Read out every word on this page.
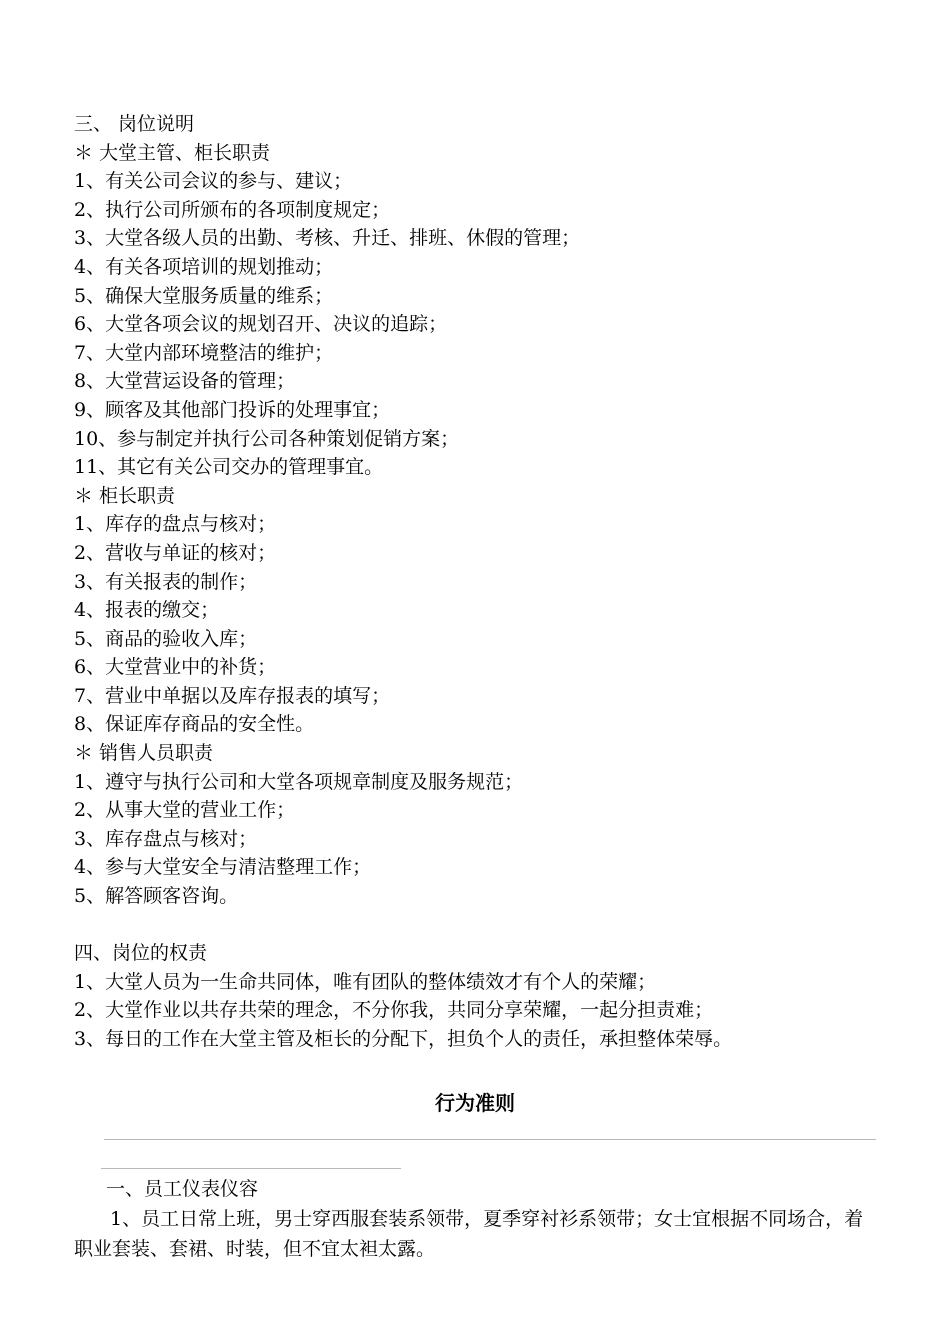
三、 岗位说明
＊ 大堂主管、柜长职责
1、有关公司会议的参与、建议；
2、执行公司所颁布的各项制度规定；
3、大堂各级人员的出勤、考核、升迁、排班、休假的管理；
4、有关各项培训的规划推动；
5、确保大堂服务质量的维系；
6、大堂各项会议的规划召开、决议的追踪；
7、大堂内部环境整洁的维护；
8、大堂营运设备的管理；
9、顾客及其他部门投诉的处理事宜；
10、参与制定并执行公司各种策划促销方案；
11、其它有关公司交办的管理事宜。
＊ 柜长职责
1、库存的盘点与核对；
2、营收与单证的核对；
3、有关报表的制作；
4、报表的缴交；
5、商品的验收入库；
6、大堂营业中的补货；
7、营业中单据以及库存报表的填写；
8、保证库存商品的安全性。
＊ 销售人员职责
1、遵守与执行公司和大堂各项规章制度及服务规范；
2、从事大堂的营业工作；
3、库存盘点与核对；
4、参与大堂安全与清洁整理工作；
5、解答顾客咨询。
四、岗位的权责
1、大堂人员为一生命共同体，唯有团队的整体绩效才有个人的荣耀；
2、大堂作业以共存共荣的理念，不分你我，共同分享荣耀，一起分担责难；
3、每日的工作在大堂主管及柜长的分配下，担负个人的责任，承担整体荣辱。
行为准则
一、员工仪表仪容
1、员工日常上班，男士穿西服套装系领带，夏季穿衬衫系领带；女士宜根据不同场合，着职业套装、套裙、时装，但不宜太袒太露。
